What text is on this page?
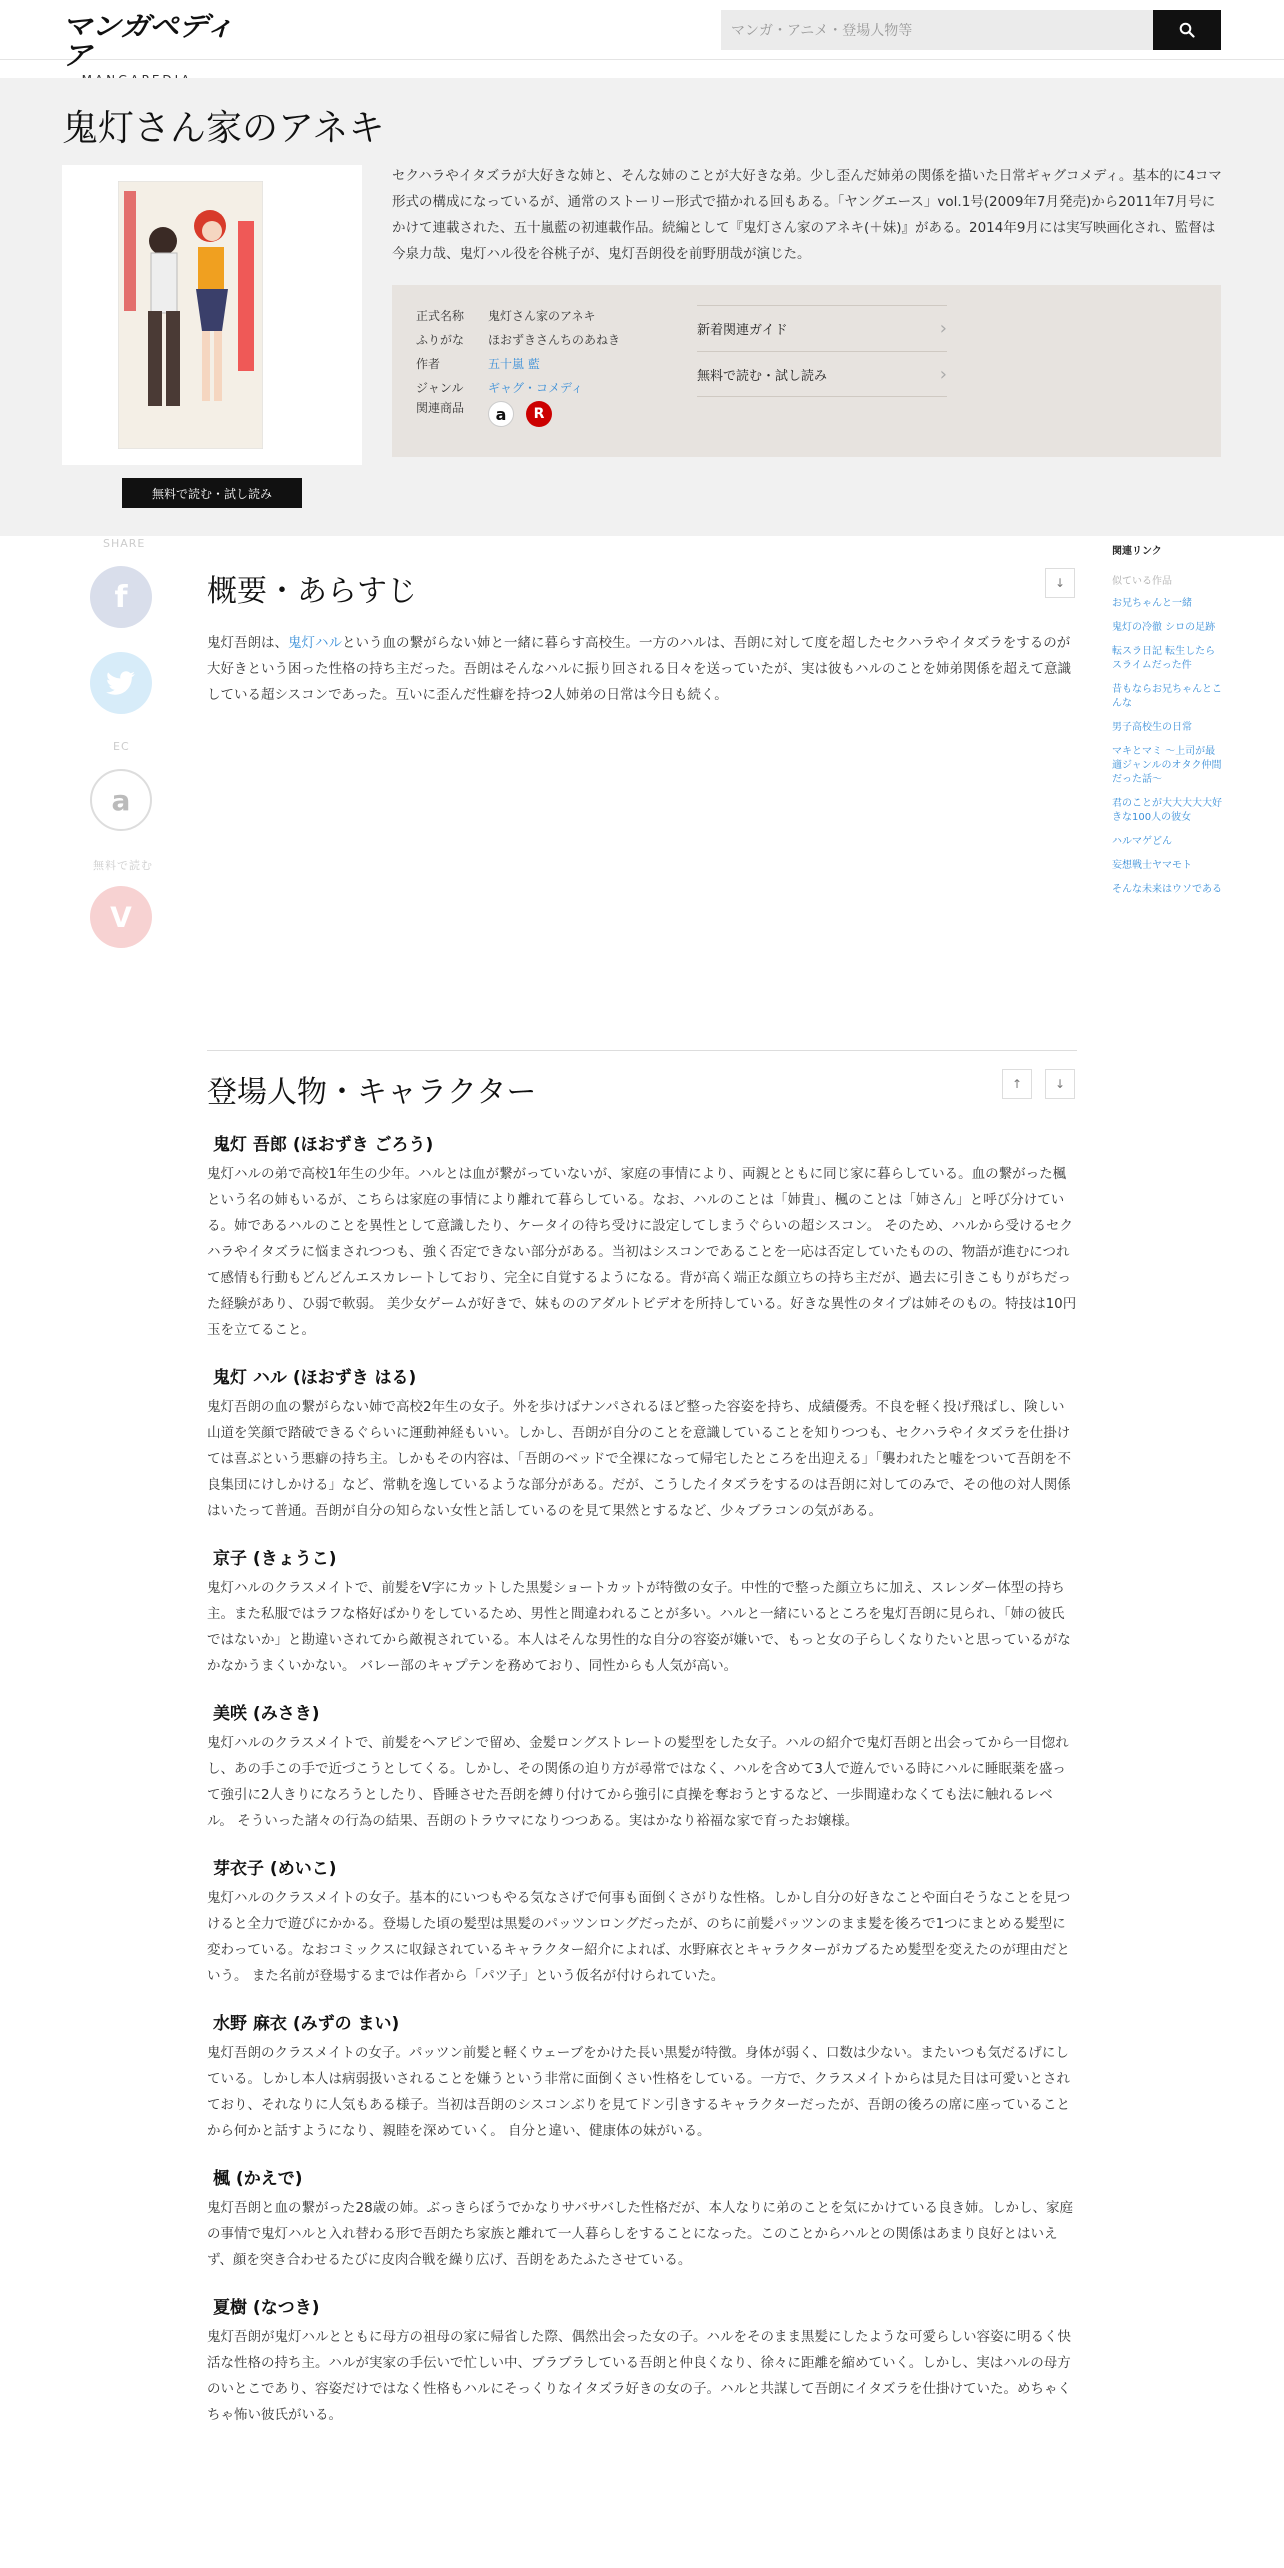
マンガペディア
マンガ・アニメ・登場人物等
鬼灯さん家のアネキ
無料で読む・試し読み

セクハラやイタズラが大好きな姉と、そんな姉のことが大好きな弟。少し歪んだ姉弟の関係を描いた日常ギャグコメディ。基本的に4コマ形式の構成になっているが、通常のストーリー形式で描かれる回もある。「ヤングエース」vol.1号(2009年7月発売)から2011年7月号にかけて連載された、五十嵐藍の初連載作品。続編として『鬼灯さん家のアネキ(＋妹)』がある。2014年9月には実写映画化され、監督は今泉力哉、鬼灯ハル役を谷桃子が、鬼灯吾朗役を前野朋哉が演じた。

正式名称	鬼灯さん家のアネキ
ふりがな	ほおずきさんちのあねき
作者	五十嵐 藍
ジャンル	ギャグ・コメディ
関連商品	a	R
新着関連ガイド	›
無料で読む・試し読み	›
SHARE
f
EC
a
無料で読む
ᐯ
概要・あらすじ	↓

鬼灯吾朗は、鬼灯ハルという血の繋がらない姉と一緒に暮らす高校生。一方のハルは、吾朗に対して度を超したセクハラやイタズラをするのが大好きという困った性格の持ち主だった。吾朗はそんなハルに振り回される日々を送っていたが、実は彼もハルのことを姉弟関係を超えて意識している超シスコンであった。互いに歪んだ性癖を持つ2人姉弟の日常は今日も続く。

登場人物・キャラクター	↑	↓
鬼灯 吾郎 (ほおずき ごろう)

鬼灯ハルの弟で高校1年生の少年。ハルとは血が繋がっていないが、家庭の事情により、両親とともに同じ家に暮らしている。血の繋がった楓という名の姉もいるが、こちらは家庭の事情により離れて暮らしている。なお、ハルのことは「姉貴」、楓のことは「姉さん」と呼び分けている。姉であるハルのことを異性として意識したり、ケータイの待ち受けに設定してしまうぐらいの超シスコン。 そのため、ハルから受けるセクハラやイタズラに悩まされつつも、強く否定できない部分がある。当初はシスコンであることを一応は否定していたものの、物語が進むにつれて感情も行動もどんどんエスカレートしており、完全に自覚するようになる。背が高く端正な顔立ちの持ち主だが、過去に引きこもりがちだった経験があり、ひ弱で軟弱。 美少女ゲームが好きで、妹もののアダルトビデオを所持している。好きな異性のタイプは姉そのもの。特技は10円玉を立てること。

鬼灯 ハル (ほおずき はる)

鬼灯吾朗の血の繋がらない姉で高校2年生の女子。外を歩けばナンパされるほど整った容姿を持ち、成績優秀。不良を軽く投げ飛ばし、険しい山道を笑顔で踏破できるぐらいに運動神経もいい。しかし、吾朗が自分のことを意識していることを知りつつも、セクハラやイタズラを仕掛けては喜ぶという悪癖の持ち主。しかもその内容は、「吾朗のベッドで全裸になって帰宅したところを出迎える」「襲われたと嘘をついて吾朗を不良集団にけしかける」など、常軌を逸しているような部分がある。だが、こうしたイタズラをするのは吾朗に対してのみで、その他の対人関係はいたって普通。吾朗が自分の知らない女性と話しているのを見て果然とするなど、少々ブラコンの気がある。

京子 (きょうこ)

鬼灯ハルのクラスメイトで、前髪をV字にカットした黒髪ショートカットが特徴の女子。中性的で整った顔立ちに加え、スレンダー体型の持ち主。また私服ではラフな格好ばかりをしているため、男性と間違われることが多い。ハルと一緒にいるところを鬼灯吾朗に見られ、「姉の彼氏ではないか」と勘違いされてから敵視されている。本人はそんな男性的な自分の容姿が嫌いで、もっと女の子らしくなりたいと思っているがなかなかうまくいかない。 バレー部のキャプテンを務めており、同性からも人気が高い。

美咲 (みさき)

鬼灯ハルのクラスメイトで、前髪をヘアピンで留め、金髪ロングストレートの髪型をした女子。ハルの紹介で鬼灯吾朗と出会ってから一目惚れし、あの手この手で近づこうとしてくる。しかし、その関係の迫り方が尋常ではなく、ハルを含めて3人で遊んでいる時にハルに睡眠薬を盛って強引に2人きりになろうとしたり、昏睡させた吾朗を縛り付けてから強引に貞操を奪おうとするなど、一歩間違わなくても法に触れるレベル。 そういった諸々の行為の結果、吾朗のトラウマになりつつある。実はかなり裕福な家で育ったお嬢様。

芽衣子 (めいこ)

鬼灯ハルのクラスメイトの女子。基本的にいつもやる気なさげで何事も面倒くさがりな性格。しかし自分の好きなことや面白そうなことを見つけると全力で遊びにかかる。登場した頃の髪型は黒髪のパッツンロングだったが、のちに前髪パッツンのまま髪を後ろで1つにまとめる髪型に変わっている。なおコミックスに収録されているキャラクター紹介によれば、水野麻衣とキャラクターがカブるため髪型を変えたのが理由だという。 また名前が登場するまでは作者から「パツ子」という仮名が付けられていた。

水野 麻衣 (みずの まい)

鬼灯吾朗のクラスメイトの女子。パッツン前髪と軽くウェーブをかけた長い黒髪が特徴。身体が弱く、口数は少ない。またいつも気だるげにしている。しかし本人は病弱扱いされることを嫌うという非常に面倒くさい性格をしている。一方で、クラスメイトからは見た目は可愛いとされており、それなりに人気もある様子。当初は吾朗のシスコンぶりを見てドン引きするキャラクターだったが、吾朗の後ろの席に座っていることから何かと話すようになり、親睦を深めていく。 自分と違い、健康体の妹がいる。

楓 (かえで)

鬼灯吾朗と血の繋がった28歳の姉。ぶっきらぼうでかなりサバサバした性格だが、本人なりに弟のことを気にかけている良き姉。しかし、家庭の事情で鬼灯ハルと入れ替わる形で吾朗たち家族と離れて一人暮らしをすることになった。このことからハルとの関係はあまり良好とはいえず、顔を突き合わせるたびに皮肉合戦を繰り広げ、吾朗をあたふたさせている。

夏樹 (なつき)

鬼灯吾朗が鬼灯ハルとともに母方の祖母の家に帰省した際、偶然出会った女の子。ハルをそのまま黒髪にしたような可愛らしい容姿に明るく快活な性格の持ち主。ハルが実家の手伝いで忙しい中、ブラブラしている吾朗と仲良くなり、徐々に距離を縮めていく。しかし、実はハルの母方のいとこであり、容姿だけではなく性格もハルにそっくりなイタズラ好きの女の子。ハルと共謀して吾朗にイタズラを仕掛けていた。めちゃくちゃ怖い彼氏がいる。

関連リンク
似ている作品
お兄ちゃんと一緒
鬼灯の冷徹 シロの足跡
転スラ日記 転生したらスライムだった件
昔もならお兄ちゃんとこんな
男子高校生の日常
マキとマミ ～上司が最適ジャンルのオタク仲間だった話～
君のことが大大大大大好きな100人の彼女
ハルマゲどん
妄想戦士ヤマモト
そんな未来はウソである
